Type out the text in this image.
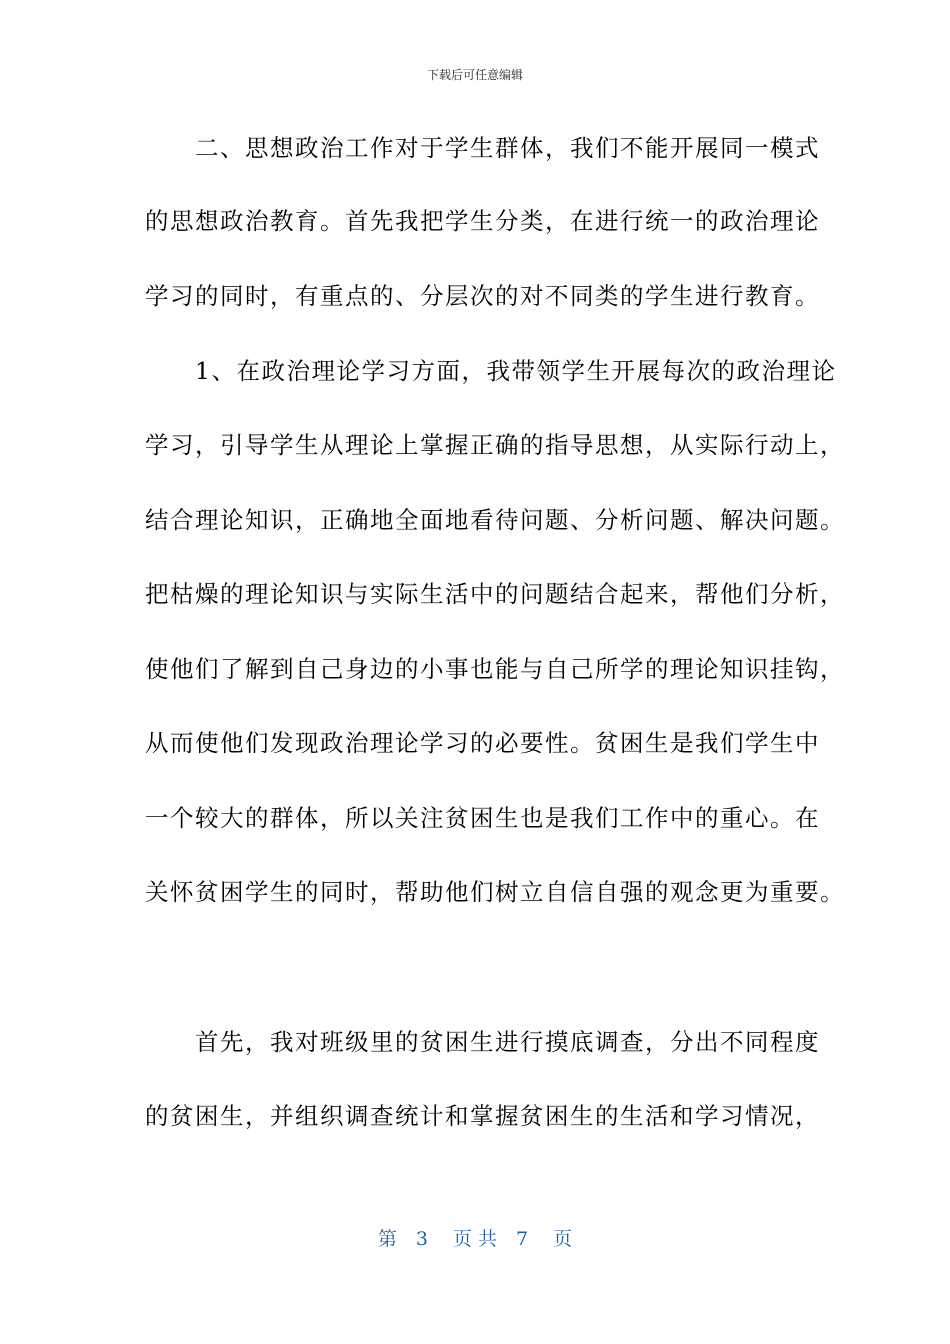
下载后可任意编辑
　　二、思想政治工作对于学生群体，我们不能开展同一模式
的思想政治教育。首先我把学生分类，在进行统一的政治理论
学习的同时，有重点的、分层次的对不同类的学生进行教育。
　　1、在政治理论学习方面，我带领学生开展每次的政治理论
学习，引导学生从理论上掌握正确的指导思想，从实际行动上，
结合理论知识，正确地全面地看待问题、分析问题、解决问题。
把枯燥的理论知识与实际生活中的问题结合起来，帮他们分析，
使他们了解到自己身边的小事也能与自己所学的理论知识挂钩，
从而使他们发现政治理论学习的必要性。贫困生是我们学生中
一个较大的群体，所以关注贫困生也是我们工作中的重心。在
关怀贫困学生的同时，帮助他们树立自信自强的观念更为重要。
　　首先，我对班级里的贫困生进行摸底调查，分出不同程度
的贫困生，并组织调查统计和掌握贫困生的生活和学习情况，
第　3　 页 共　7　 页
